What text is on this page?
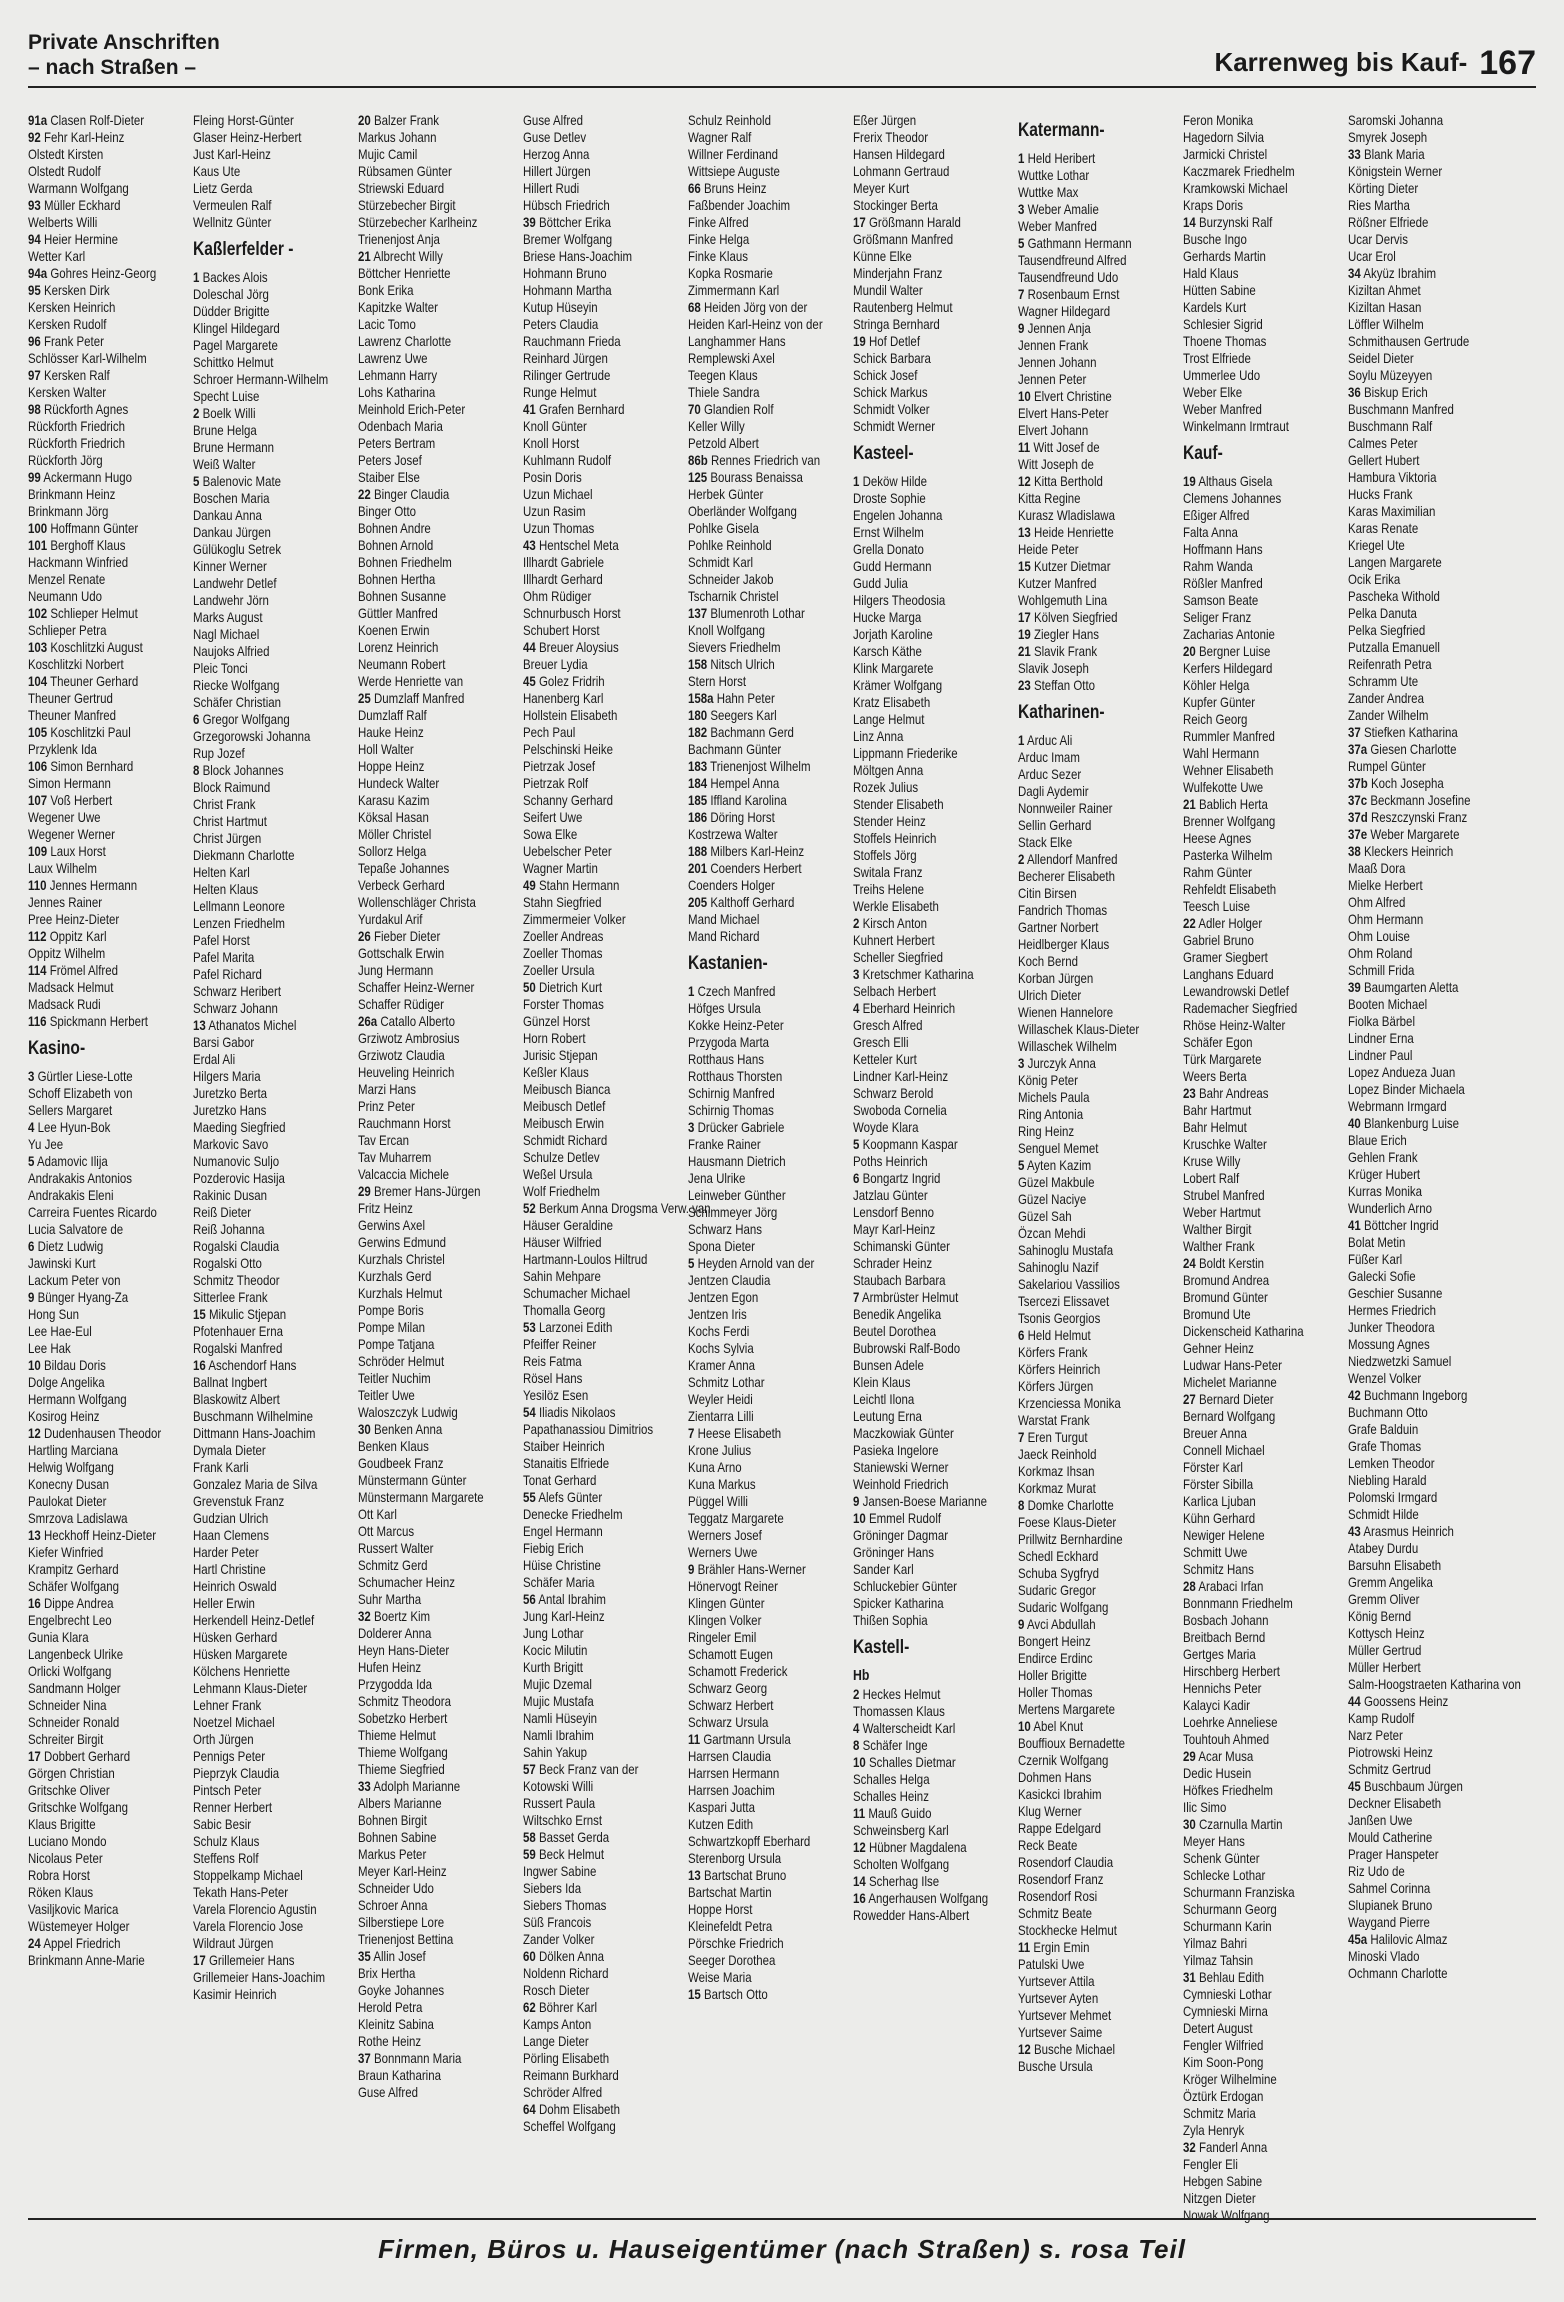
Private Anschriften
– nach Straßen –	Karrenweg bis Kauf- 167
91a Clasen Rolf-Dieter
92 Fehr Karl-Heinz
Olstedt Kirsten
Olstedt Rudolf
Warmann Wolfgang
93 Müller Eckhard
Welberts Willi
94 Heier Hermine
Wetter Karl
94a Gohres Heinz-Georg
95 Kersken Dirk
Kersken Heinrich
Kersken Rudolf
96 Frank Peter
Schlösser Karl-Wilhelm
97 Kersken Ralf
Kersken Walter
98 Rückforth Agnes
Rückforth Friedrich
Rückforth Friedrich
Rückforth Jörg
99 Ackermann Hugo
Brinkmann Heinz
Brinkmann Jörg
100 Hoffmann Günter
101 Berghoff Klaus
Hackmann Winfried
Menzel Renate
Neumann Udo
102 Schlieper Helmut
Schlieper Petra
103 Koschlitzki August
Koschlitzki Norbert
104 Theuner Gerhard
Theuner Gertrud
Theuner Manfred
105 Koschlitzki Paul
Przyklenk Ida
106 Simon Bernhard
Simon Hermann
107 Voß Herbert
Wegener Uwe
Wegener Werner
109 Laux Horst
Laux Wilhelm
110 Jennes Hermann
Jennes Rainer
Pree Heinz-Dieter
112 Oppitz Karl
Oppitz Wilhelm
114 Frömel Alfred
Madsack Helmut
Madsack Rudi
116 Spickmann Herbert
Kasino-
3 Gürtler Liese-Lotte
Schoff Elizabeth von
Sellers Margaret
4 Lee Hyun-Bok
Yu Jee
5 Adamovic Ilija
Andrakakis Antonios
Andrakakis Eleni
Carreira Fuentes Ricardo
Lucia Salvatore de
6 Dietz Ludwig
Jawinski Kurt
Lackum Peter von
9 Bünger Hyang-Za
Hong Sun
Lee Hae-Eul
Lee Hak
10 Bildau Doris
Dolge Angelika
Hermann Wolfgang
Kosirog Heinz
12 Dudenhausen Theodor
Hartling Marciana
Helwig Wolfgang
Konecny Dusan
Paulokat Dieter
Smrzova Ladislawa
13 Heckhoff Heinz-Dieter
Kiefer Winfried
Krampitz Gerhard
Schäfer Wolfgang
16 Dippe Andrea
Engelbrecht Leo
Gunia Klara
Langenbeck Ulrike
Orlicki Wolfgang
Sandmann Holger
Schneider Nina
Schneider Ronald
Schreiter Birgit
17 Dobbert Gerhard
Görgen Christian
Gritschke Oliver
Gritschke Wolfgang
Klaus Brigitte
Luciano Mondo
Nicolaus Peter
Robra Horst
Röken Klaus
Vasiljkovic Marica
Wüstemeyer Holger
24 Appel Friedrich
Brinkmann Anne-Marie
Fleing Horst-Günter
Glaser Heinz-Herbert
Just Karl-Heinz
Kaus Ute
Lietz Gerda
Vermeulen Ralf
Wellnitz Günter
Kaßlerfelder -
1 Backes Alois
Doleschal Jörg
Düdder Brigitte
Klingel Hildegard
Pagel Margarete
Schittko Helmut
Schroer Hermann-Wilhelm
Specht Luise
2 Boelk Willi
Brune Helga
Brune Hermann
Weiß Walter
5 Balenovic Mate
Boschen Maria
Dankau Anna
Dankau Jürgen
Gülükoglu Setrek
Kinner Werner
Landwehr Detlef
Landwehr Jörn
Marks August
Nagl Michael
Naujoks Alfried
Pleic Tonci
Riecke Wolfgang
Schäfer Christian
6 Gregor Wolfgang
Grzegorowski Johanna
Rup Jozef
8 Block Johannes
Block Raimund
Christ Frank
Christ Hartmut
Christ Jürgen
Diekmann Charlotte
Helten Karl
Helten Klaus
Lellmann Leonore
Lenzen Friedhelm
Pafel Horst
Pafel Marita
Pafel Richard
Schwarz Heribert
Schwarz Johann
13 Athanatos Michel
Barsi Gabor
Erdal Ali
Hilgers Maria
Juretzko Berta
Juretzko Hans
Maeding Siegfried
Markovic Savo
Numanovic Suljo
Pozderovic Hasija
Rakinic Dusan
Reiß Dieter
Reiß Johanna
Rogalski Claudia
Rogalski Otto
Schmitz Theodor
Sitterlee Frank
15 Mikulic Stjepan
Pfotenhauer Erna
Rogalski Manfred
16 Aschendorf Hans
Ballnat Ingbert
Blaskowitz Albert
Buschmann Wilhelmine
Dittmann Hans-Joachim
Dymala Dieter
Frank Karli
Gonzalez Maria de Silva
Grevenstuk Franz
Gudzian Ulrich
Haan Clemens
Harder Peter
Hartl Christine
Heinrich Oswald
Heller Erwin
Herkendell Heinz-Detlef
Hüsken Gerhard
Hüsken Margarete
Kölchens Henriette
Lehmann Klaus-Dieter
Lehner Frank
Noetzel Michael
Orth Jürgen
Pennigs Peter
Pieprzyk Claudia
Pintsch Peter
Renner Herbert
Sabic Besir
Schulz Klaus
Steffens Rolf
Stoppelkamp Michael
Tekath Hans-Peter
Varela Florencio Agustin
Varela Florencio Jose
Wildraut Jürgen
17 Grillemeier Hans
Grillemeier Hans-Joachim
Kasimir Heinrich
20 Balzer Frank
Markus Johann
Mujic Camil
Rübsamen Günter
Striewski Eduard
Stürzebecher Birgit
Stürzebecher Karlheinz
Trienenjost Anja
21 Albrecht Willy
Böttcher Henriette
Bonk Erika
Kapitzke Walter
Lacic Tomo
Lawrenz Charlotte
Lawrenz Uwe
Lehmann Harry
Lohs Katharina
Meinhold Erich-Peter
Odenbach Maria
Peters Bertram
Peters Josef
Staiber Else
22 Binger Claudia
Binger Otto
Bohnen Andre
Bohnen Arnold
Bohnen Friedhelm
Bohnen Hertha
Bohnen Susanne
Güttler Manfred
Koenen Erwin
Lorenz Heinrich
Neumann Robert
Werde Henriette van
25 Dumzlaff Manfred
Dumzlaff Ralf
Hauke Heinz
Holl Walter
Hoppe Heinz
Hundeck Walter
Karasu Kazim
Köksal Hasan
Möller Christel
Sollorz Helga
Tepaße Johannes
Verbeck Gerhard
Wollenschläger Christa
Yurdakul Arif
26 Fieber Dieter
Gottschalk Erwin
Jung Hermann
Schaffer Heinz-Werner
Schaffer Rüdiger
26a Catallo Alberto
Grziwotz Ambrosius
Grziwotz Claudia
Heuveling Heinrich
Marzi Hans
Prinz Peter
Rauchmann Horst
Tav Ercan
Tav Muharrem
Valcaccia Michele
29 Bremer Hans-Jürgen
Fritz Heinz
Gerwins Axel
Gerwins Edmund
Kurzhals Christel
Kurzhals Gerd
Kurzhals Helmut
Pompe Boris
Pompe Milan
Pompe Tatjana
Schröder Helmut
Teitler Nuchim
Teitler Uwe
Waloszczyk Ludwig
30 Benken Anna
Benken Klaus
Goudbeek Franz
Münstermann Günter
Münstermann Margarete
Ott Karl
Ott Marcus
Russert Walter
Schmitz Gerd
Schumacher Heinz
Suhr Martha
32 Boertz Kim
Dolderer Anna
Heyn Hans-Dieter
Hufen Heinz
Przygodda Ida
Schmitz Theodora
Sobetzko Herbert
Thieme Helmut
Thieme Wolfgang
Thieme Siegfried
33 Adolph Marianne
Albers Marianne
Bohnen Birgit
Bohnen Sabine
Markus Peter
Meyer Karl-Heinz
Schneider Udo
Schroer Anna
Silberstiepe Lore
Trienenjost Bettina
35 Allin Josef
Brix Hertha
Goyke Johannes
Herold Petra
Kleinitz Sabina
Rothe Heinz
37 Bonnmann Maria
Braun Katharina
Guse Alfred
Guse Alfred
Guse Detlev
Herzog Anna
Hillert Jürgen
Hillert Rudi
Hübsch Friedrich
39 Böttcher Erika
Bremer Wolfgang
Briese Hans-Joachim
Hohmann Bruno
Hohmann Martha
Kutup Hüseyin
Peters Claudia
Rauchmann Frieda
Reinhard Jürgen
Rilinger Gertrude
Runge Helmut
41 Grafen Bernhard
Knoll Günter
Knoll Horst
Kuhlmann Rudolf
Posin Doris
Uzun Michael
Uzun Rasim
Uzun Thomas
43 Hentschel Meta
Illhardt Gabriele
Illhardt Gerhard
Ohm Rüdiger
Schnurbusch Horst
Schubert Horst
44 Breuer Aloysius
Breuer Lydia
45 Golez Fridrih
Hanenberg Karl
Hollstein Elisabeth
Pech Paul
Pelschinski Heike
Pietrzak Josef
Pietrzak Rolf
Schanny Gerhard
Seifert Uwe
Sowa Elke
Uebelscher Peter
Wagner Martin
49 Stahn Hermann
Stahn Siegfried
Zimmermeier Volker
Zoeller Andreas
Zoeller Thomas
Zoeller Ursula
50 Dietrich Kurt
Forster Thomas
Günzel Horst
Horn Robert
Jurisic Stjepan
Keßler Klaus
Meibusch Bianca
Meibusch Detlef
Meibusch Erwin
Schmidt Richard
Schulze Detlev
Weßel Ursula
Wolf Friedhelm
52 Berkum Anna Drogsma Verw. van
Häuser Geraldine
Häuser Wilfried
Hartmann-Loulos Hiltrud
Sahin Mehpare
Schumacher Michael
Thomalla Georg
53 Larzonei Edith
Pfeiffer Reiner
Reis Fatma
Rösel Hans
Yesilöz Esen
54 Iliadis Nikolaos
Papathanassiou Dimitrios
Staiber Heinrich
Stanaitis Elfriede
Tonat Gerhard
55 Alefs Günter
Denecke Friedhelm
Engel Hermann
Fiebig Erich
Hüise Christine
Schäfer Maria
56 Antal Ibrahim
Jung Karl-Heinz
Jung Lothar
Kocic Milutin
Kurth Brigitt
Mujic Dzemal
Mujic Mustafa
Namli Hüseyin
Namli Ibrahim
Sahin Yakup
57 Beck Franz van der
Kotowski Willi
Russert Paula
Wiltschko Ernst
58 Basset Gerda
59 Beck Helmut
Ingwer Sabine
Siebers Ida
Siebers Thomas
Süß Francois
Zander Volker
60 Dölken Anna
Noldenn Richard
Rosch Dieter
62 Böhrer Karl
Kamps Anton
Lange Dieter
Pörling Elisabeth
Reimann Burkhard
Schröder Alfred
64 Dohm Elisabeth
Scheffel Wolfgang
Schulz Reinhold
Wagner Ralf
Willner Ferdinand
Wittsiepe Auguste
66 Bruns Heinz
Faßbender Joachim
Finke Alfred
Finke Helga
Finke Klaus
Kopka Rosmarie
Zimmermann Karl
68 Heiden Jörg von der
Heiden Karl-Heinz von der
Langhammer Hans
Remplewski Axel
Teegen Klaus
Thiele Sandra
70 Glandien Rolf
Keller Willy
Petzold Albert
86b Rennes Friedrich van
125 Bourass Benaissa
Herbek Günter
Oberländer Wolfgang
Pohlke Gisela
Pohlke Reinhold
Schmidt Karl
Schneider Jakob
Tscharnik Christel
137 Blumenroth Lothar
Knoll Wolfgang
Sievers Friedhelm
158 Nitsch Ulrich
Stern Horst
158a Hahn Peter
180 Seegers Karl
182 Bachmann Gerd
Bachmann Günter
183 Trienenjost Wilhelm
184 Hempel Anna
185 Iffland Karolina
186 Döring Horst
Kostrzewa Walter
188 Milbers Karl-Heinz
201 Coenders Herbert
Coenders Holger
205 Kalthoff Gerhard
Mand Michael
Mand Richard
Kastanien-
1 Czech Manfred
Höfges Ursula
Kokke Heinz-Peter
Przygoda Marta
Rotthaus Hans
Rotthaus Thorsten
Schirnig Manfred
Schirnig Thomas
3 Drücker Gabriele
Franke Rainer
Hausmann Dietrich
Jena Ulrike
Leinweber Günther
Schimmeyer Jörg
Schwarz Hans
Spona Dieter
5 Heyden Arnold van der
Jentzen Claudia
Jentzen Egon
Jentzen Iris
Kochs Ferdi
Kochs Sylvia
Kramer Anna
Schmitz Lothar
Weyler Heidi
Zientarra Lilli
7 Heese Elisabeth
Krone Julius
Kuna Arno
Kuna Markus
Püggel Willi
Teggatz Margarete
Werners Josef
Werners Uwe
9 Brähler Hans-Werner
Hönervogt Reiner
Klingen Günter
Klingen Volker
Ringeler Emil
Schamott Eugen
Schamott Frederick
Schwarz Georg
Schwarz Herbert
Schwarz Ursula
11 Gartmann Ursula
Harrsen Claudia
Harrsen Hermann
Harrsen Joachim
Kaspari Jutta
Kutzen Edith
Schwartzkopff Eberhard
Sterenborg Ursula
13 Bartschat Bruno
Bartschat Martin
Hoppe Horst
Kleinefeldt Petra
Pörschke Friedrich
Seeger Dorothea
Weise Maria
15 Bartsch Otto
Eßer Jürgen
Frerix Theodor
Hansen Hildegard
Lohmann Gertraud
Meyer Kurt
Stockinger Berta
17 Größmann Harald
Größmann Manfred
Künne Elke
Minderjahn Franz
Mundil Walter
Rautenberg Helmut
Stringa Bernhard
19 Hof Detlef
Schick Barbara
Schick Josef
Schick Markus
Schmidt Volker
Schmidt Werner
Kasteel-
1 Deköw Hilde
Droste Sophie
Engelen Johanna
Ernst Wilhelm
Grella Donato
Gudd Hermann
Gudd Julia
Hilgers Theodosia
Hucke Marga
Jorjath Karoline
Karsch Käthe
Klink Margarete
Krämer Wolfgang
Kratz Elisabeth
Lange Helmut
Linz Anna
Lippmann Friederike
Möltgen Anna
Rozek Julius
Stender Elisabeth
Stender Heinz
Stoffels Heinrich
Stoffels Jörg
Switala Franz
Treihs Helene
Werkle Elisabeth
2 Kirsch Anton
Kuhnert Herbert
Scheller Siegfried
3 Kretschmer Katharina
Selbach Herbert
4 Eberhard Heinrich
Gresch Alfred
Gresch Elli
Ketteler Kurt
Lindner Karl-Heinz
Schwarz Berold
Swoboda Cornelia
Woyde Klara
5 Koopmann Kaspar
Poths Heinrich
6 Bongartz Ingrid
Jatzlau Günter
Lensdorf Benno
Mayr Karl-Heinz
Schimanski Günter
Schrader Heinz
Staubach Barbara
7 Armbrüster Helmut
Benedik Angelika
Beutel Dorothea
Bubrowski Ralf-Bodo
Bunsen Adele
Klein Klaus
Leichtl Ilona
Leutung Erna
Maczkowiak Günter
Pasieka Ingelore
Staniewski Werner
Weinhold Friedrich
9 Jansen-Boese Marianne
10 Emmel Rudolf
Gröninger Dagmar
Gröninger Hans
Sander Karl
Schluckebier Günter
Spicker Katharina
Thißen Sophia
Kastell-
Hb
2 Heckes Helmut
Thomassen Klaus
4 Walterscheidt Karl
8 Schäfer Inge
10 Schalles Dietmar
Schalles Helga
Schalles Heinz
11 Mauß Guido
Schweinsberg Karl
12 Hübner Magdalena
Scholten Wolfgang
14 Scherhag Ilse
16 Angerhausen Wolfgang
Rowedder Hans-Albert
Katermann-
1 Held Heribert
Wuttke Lothar
Wuttke Max
3 Weber Amalie
Weber Manfred
5 Gathmann Hermann
Tausendfreund Alfred
Tausendfreund Udo
7 Rosenbaum Ernst
Wagner Hildegard
9 Jennen Anja
Jennen Frank
Jennen Johann
Jennen Peter
10 Elvert Christine
Elvert Hans-Peter
Elvert Johann
11 Witt Josef de
Witt Joseph de
12 Kitta Berthold
Kitta Regine
Kurasz Wladislawa
13 Heide Henriette
Heide Peter
15 Kutzer Dietmar
Kutzer Manfred
Wohlgemuth Lina
17 Kölven Siegfried
19 Ziegler Hans
21 Slavik Frank
Slavik Joseph
23 Steffan Otto
Katharinen-
1 Arduc Ali
Arduc Imam
Arduc Sezer
Dagli Aydemir
Nonnweiler Rainer
Sellin Gerhard
Stack Elke
2 Allendorf Manfred
Becherer Elisabeth
Citin Birsen
Fandrich Thomas
Gartner Norbert
Heidlberger Klaus
Koch Bernd
Korban Jürgen
Ulrich Dieter
Wienen Hannelore
Willaschek Klaus-Dieter
Willaschek Wilhelm
3 Jurczyk Anna
König Peter
Michels Paula
Ring Antonia
Ring Heinz
Senguel Memet
5 Ayten Kazim
Güzel Makbule
Güzel Naciye
Güzel Sah
Özcan Mehdi
Sahinoglu Mustafa
Sahinoglu Nazif
Sakelariou Vassilios
Tsercezi Elissavet
Tsonis Georgios
6 Held Helmut
Körfers Frank
Körfers Heinrich
Körfers Jürgen
Krzenciessa Monika
Warstat Frank
7 Eren Turgut
Jaeck Reinhold
Korkmaz Ihsan
Korkmaz Murat
8 Domke Charlotte
Foese Klaus-Dieter
Prillwitz Bernhardine
Schedl Eckhard
Schuba Sygfryd
Sudaric Gregor
Sudaric Wolfgang
9 Avci Abdullah
Bongert Heinz
Endirce Erdinc
Holler Brigitte
Holler Thomas
Mertens Margarete
10 Abel Knut
Bouffioux Bernadette
Czernik Wolfgang
Dohmen Hans
Kasickci Ibrahim
Klug Werner
Rappe Edelgard
Reck Beate
Rosendorf Claudia
Rosendorf Franz
Rosendorf Rosi
Schmitz Beate
Stockhecke Helmut
11 Ergin Emin
Patulski Uwe
Yurtsever Attila
Yurtsever Ayten
Yurtsever Mehmet
Yurtsever Saime
12 Busche Michael
Busche Ursula
Feron Monika
Hagedorn Silvia
Jarmicki Christel
Kaczmarek Friedhelm
Kramkowski Michael
Kraps Doris
14 Burzynski Ralf
Busche Ingo
Gerhards Martin
Hald Klaus
Hütten Sabine
Kardels Kurt
Schlesier Sigrid
Thoene Thomas
Trost Elfriede
Ummerlee Udo
Weber Elke
Weber Manfred
Winkelmann Irmtraut
Kauf-
19 Althaus Gisela
Clemens Johannes
Eßiger Alfred
Falta Anna
Hoffmann Hans
Rahm Wanda
Rößler Manfred
Samson Beate
Seliger Franz
Zacharias Antonie
20 Bergner Luise
Kerfers Hildegard
Köhler Helga
Kupfer Günter
Reich Georg
Rummler Manfred
Wahl Hermann
Wehner Elisabeth
Wulfekotte Uwe
21 Bablich Herta
Brenner Wolfgang
Heese Agnes
Pasterka Wilhelm
Rahm Günter
Rehfeldt Elisabeth
Teesch Luise
22 Adler Holger
Gabriel Bruno
Gramer Siegbert
Langhans Eduard
Lewandrowski Detlef
Rademacher Siegfried
Rhöse Heinz-Walter
Schäfer Egon
Türk Margarete
Weers Berta
23 Bahr Andreas
Bahr Hartmut
Bahr Helmut
Kruschke Walter
Kruse Willy
Lobert Ralf
Strubel Manfred
Weber Hartmut
Walther Birgit
Walther Frank
24 Boldt Kerstin
Bromund Andrea
Bromund Günter
Bromund Ute
Dickenscheid Katharina
Gehner Heinz
Ludwar Hans-Peter
Michelet Marianne
27 Bernard Dieter
Bernard Wolfgang
Breuer Anna
Connell Michael
Förster Karl
Förster Sibilla
Karlica Ljuban
Kühn Gerhard
Newiger Helene
Schmitt Uwe
Schmitz Hans
28 Arabaci Irfan
Bonnmann Friedhelm
Bosbach Johann
Breitbach Bernd
Gertges Maria
Hirschberg Herbert
Hennichs Peter
Kalayci Kadir
Loehrke Anneliese
Touhtouh Ahmed
29 Acar Musa
Dedic Husein
Höfkes Friedhelm
Ilic Simo
30 Czarnulla Martin
Meyer Hans
Schenk Günter
Schlecke Lothar
Schurmann Franziska
Schurmann Georg
Schurmann Karin
Yilmaz Bahri
Yilmaz Tahsin
31 Behlau Edith
Cymnieski Lothar
Cymnieski Mirna
Detert August
Fengler Wilfried
Kim Soon-Pong
Kröger Wilhelmine
Öztürk Erdogan
Schmitz Maria
Zyla Henryk
32 Fanderl Anna
Fengler Eli
Hebgen Sabine
Nitzgen Dieter
Nowak Wolfgang
Saromski Johanna
Smyrek Joseph
33 Blank Maria
Königstein Werner
Körting Dieter
Ries Martha
Rößner Elfriede
Ucar Dervis
Ucar Erol
34 Akyüz Ibrahim
Kiziltan Ahmet
Kiziltan Hasan
Löffler Wilhelm
Schmithausen Gertrude
Seidel Dieter
Soylu Müzeyyen
36 Biskup Erich
Buschmann Manfred
Buschmann Ralf
Calmes Peter
Gellert Hubert
Hambura Viktoria
Hucks Frank
Karas Maximilian
Karas Renate
Kriegel Ute
Langen Margarete
Ocik Erika
Pascheka Withold
Pelka Danuta
Pelka Siegfried
Putzalla Emanuell
Reifenrath Petra
Schramm Ute
Zander Andrea
Zander Wilhelm
37 Stiefken Katharina
37a Giesen Charlotte
Rumpel Günter
37b Koch Josepha
37c Beckmann Josefine
37d Reszczynski Franz
37e Weber Margarete
38 Kleckers Heinrich
Maaß Dora
Mielke Herbert
Ohm Alfred
Ohm Hermann
Ohm Louise
Ohm Roland
Schmill Frida
39 Baumgarten Aletta
Booten Michael
Fiolka Bärbel
Lindner Erna
Lindner Paul
Lopez Andueza Juan
Lopez Binder Michaela
Webrmann Irmgard
40 Blankenburg Luise
Blaue Erich
Gehlen Frank
Krüger Hubert
Kurras Monika
Wunderlich Arno
41 Böttcher Ingrid
Bolat Metin
Füßer Karl
Galecki Sofie
Geschier Susanne
Hermes Friedrich
Junker Theodora
Mossung Agnes
Niedzwetzki Samuel
Wenzel Volker
42 Buchmann Ingeborg
Buchmann Otto
Grafe Balduin
Grafe Thomas
Lemken Theodor
Niebling Harald
Polomski Irmgard
Schmidt Hilde
43 Arasmus Heinrich
Atabey Durdu
Barsuhn Elisabeth
Gremm Angelika
Gremm Oliver
König Bernd
Kottysch Heinz
Müller Gertrud
Müller Herbert
Salm-Hoogstraeten Katharina von
44 Goossens Heinz
Kamp Rudolf
Narz Peter
Piotrowski Heinz
Schmitz Gertrud
45 Buschbaum Jürgen
Deckner Elisabeth
Janßen Uwe
Mould Catherine
Prager Hanspeter
Riz Udo de
Sahmel Corinna
Slupianek Bruno
Waygand Pierre
45a Halilovic Almaz
Minoski Vlado
Ochmann Charlotte
Firmen, Büros u. Hauseigentümer (nach Straßen) s. rosa Teil
